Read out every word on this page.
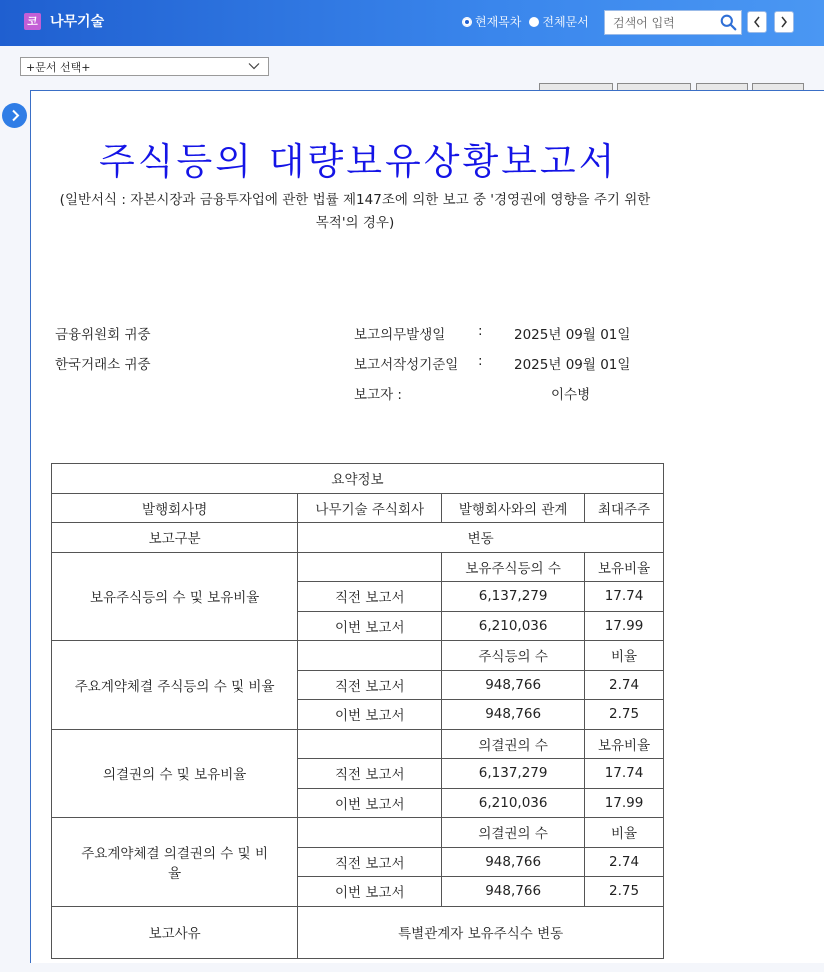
코 나무기술	현재목차 전체문서	검색어 입력
+문서 선택+
주식등의 대량보유상황보고서
(일반서식 : 자본시장과 금융투자업에 관한 법률 제147조에 의한 보고 중 '경영권에 영향을 주기 위한 목적'의 경우)
금융위원회 귀중
한국거래소 귀중
보고의무발생일 : 2025년 09월 01일
보고서작성기준일 : 2025년 09월 01일
보고자 :	이수병
요약정보			
발행회사명	나무기술 주식회사	발행회사와의 관계	최대주주
보고구분	변동		
보유주식등의 수 및 보유비율		보유주식등의 수	보유비율
	직전 보고서	6,137,279	17.74
	이번 보고서	6,210,036	17.99
주요계약체결 주식등의 수 및 비율		주식등의 수	비율
	직전 보고서	948,766	2.74
	이번 보고서	948,766	2.75
의결권의 수 및 보유비율		의결권의 수	보유비율
	직전 보고서	6,137,279	17.74
	이번 보고서	6,210,036	17.99
주요계약체결 의결권의 수 및 비율		의결권의 수	비율
	직전 보고서	948,766	2.74
	이번 보고서	948,766	2.75
보고사유	특별관계자 보유주식수 변동		
